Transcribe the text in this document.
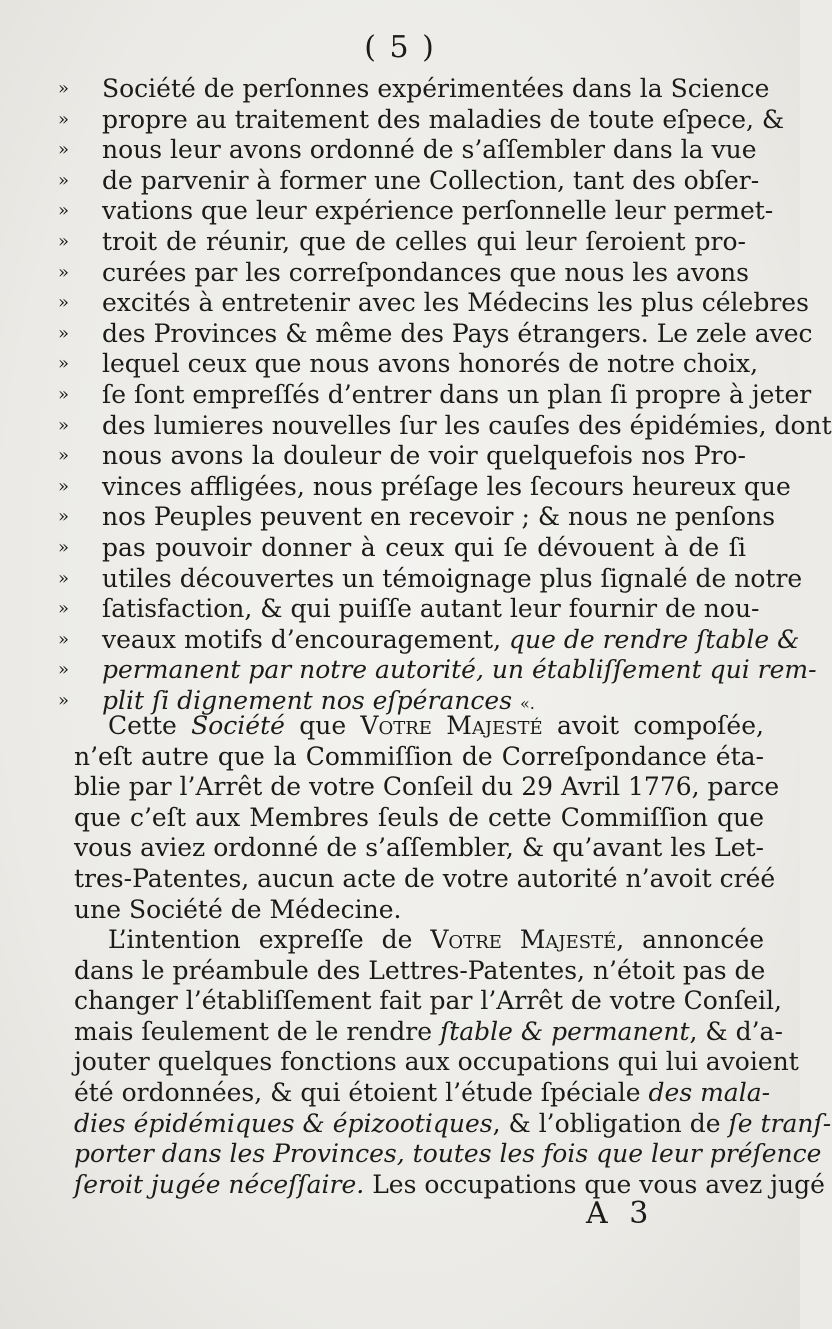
( 5 )
» Société de perſonnes expérimentées dans la Science
» propre au traitement des maladies de toute eſpece, &
» nous leur avons ordonné de s’aſſembler dans la vue
» de parvenir à former une Collection, tant des obſer-
» vations que leur expérience perſonnelle leur permet-
» troit de réunir, que de celles qui leur ſeroient pro-
» curées par les correſpondances que nous les avons
» excités à entretenir avec les Médecins les plus célebres
» des Provinces & même des Pays étrangers. Le zele avec
» lequel ceux que nous avons honorés de notre choix,
» ſe ſont empreſſés d’entrer dans un plan ſi propre à jeter
» des lumieres nouvelles ſur les cauſes des épidémies, dont
» nous avons la douleur de voir quelquefois nos Pro-
» vinces affligées, nous préſage les ſecours heureux que
» nos Peuples peuvent en recevoir ; & nous ne penſons
» pas pouvoir donner à ceux qui ſe dévouent à de ſi
» utiles découvertes un témoignage plus ſignalé de notre
» ſatisfaction, & qui puiſſe autant leur fournir de nou-
» veaux motifs d’encouragement, que de rendre ſtable &
» permanent par notre autorité, un établiſſement qui rem-
» plit ſi dignement nos eſpérances «.
Cette Société que Votre Majesté avoit compoſée,
n’eſt autre que la Commiſſion de Correſpondance éta-
blie par l’Arrêt de votre Conſeil du 29 Avril 1776, parce
que c’eſt aux Membres ſeuls de cette Commiſſion que
vous aviez ordonné de s’aſſembler, & qu’avant les Let-
tres-Patentes, aucun acte de votre autorité n’avoit créé
une Société de Médecine.
L’intention expreſſe de Votre Majesté, annoncée
dans le préambule des Lettres-Patentes, n’étoit pas de
changer l’établiſſement fait par l’Arrêt de votre Conſeil,
mais ſeulement de le rendre ſtable & permanent, & d’a-
jouter quelques fonctions aux occupations qui lui avoient
été ordonnées, & qui étoient l’étude ſpéciale des mala-
dies épidémiques & épizootiques, & l’obligation de ſe tranſ-
porter dans les Provinces, toutes les fois que leur préſence
ſeroit jugée néceſſaire. Les occupations que vous avez jugé
A 3
